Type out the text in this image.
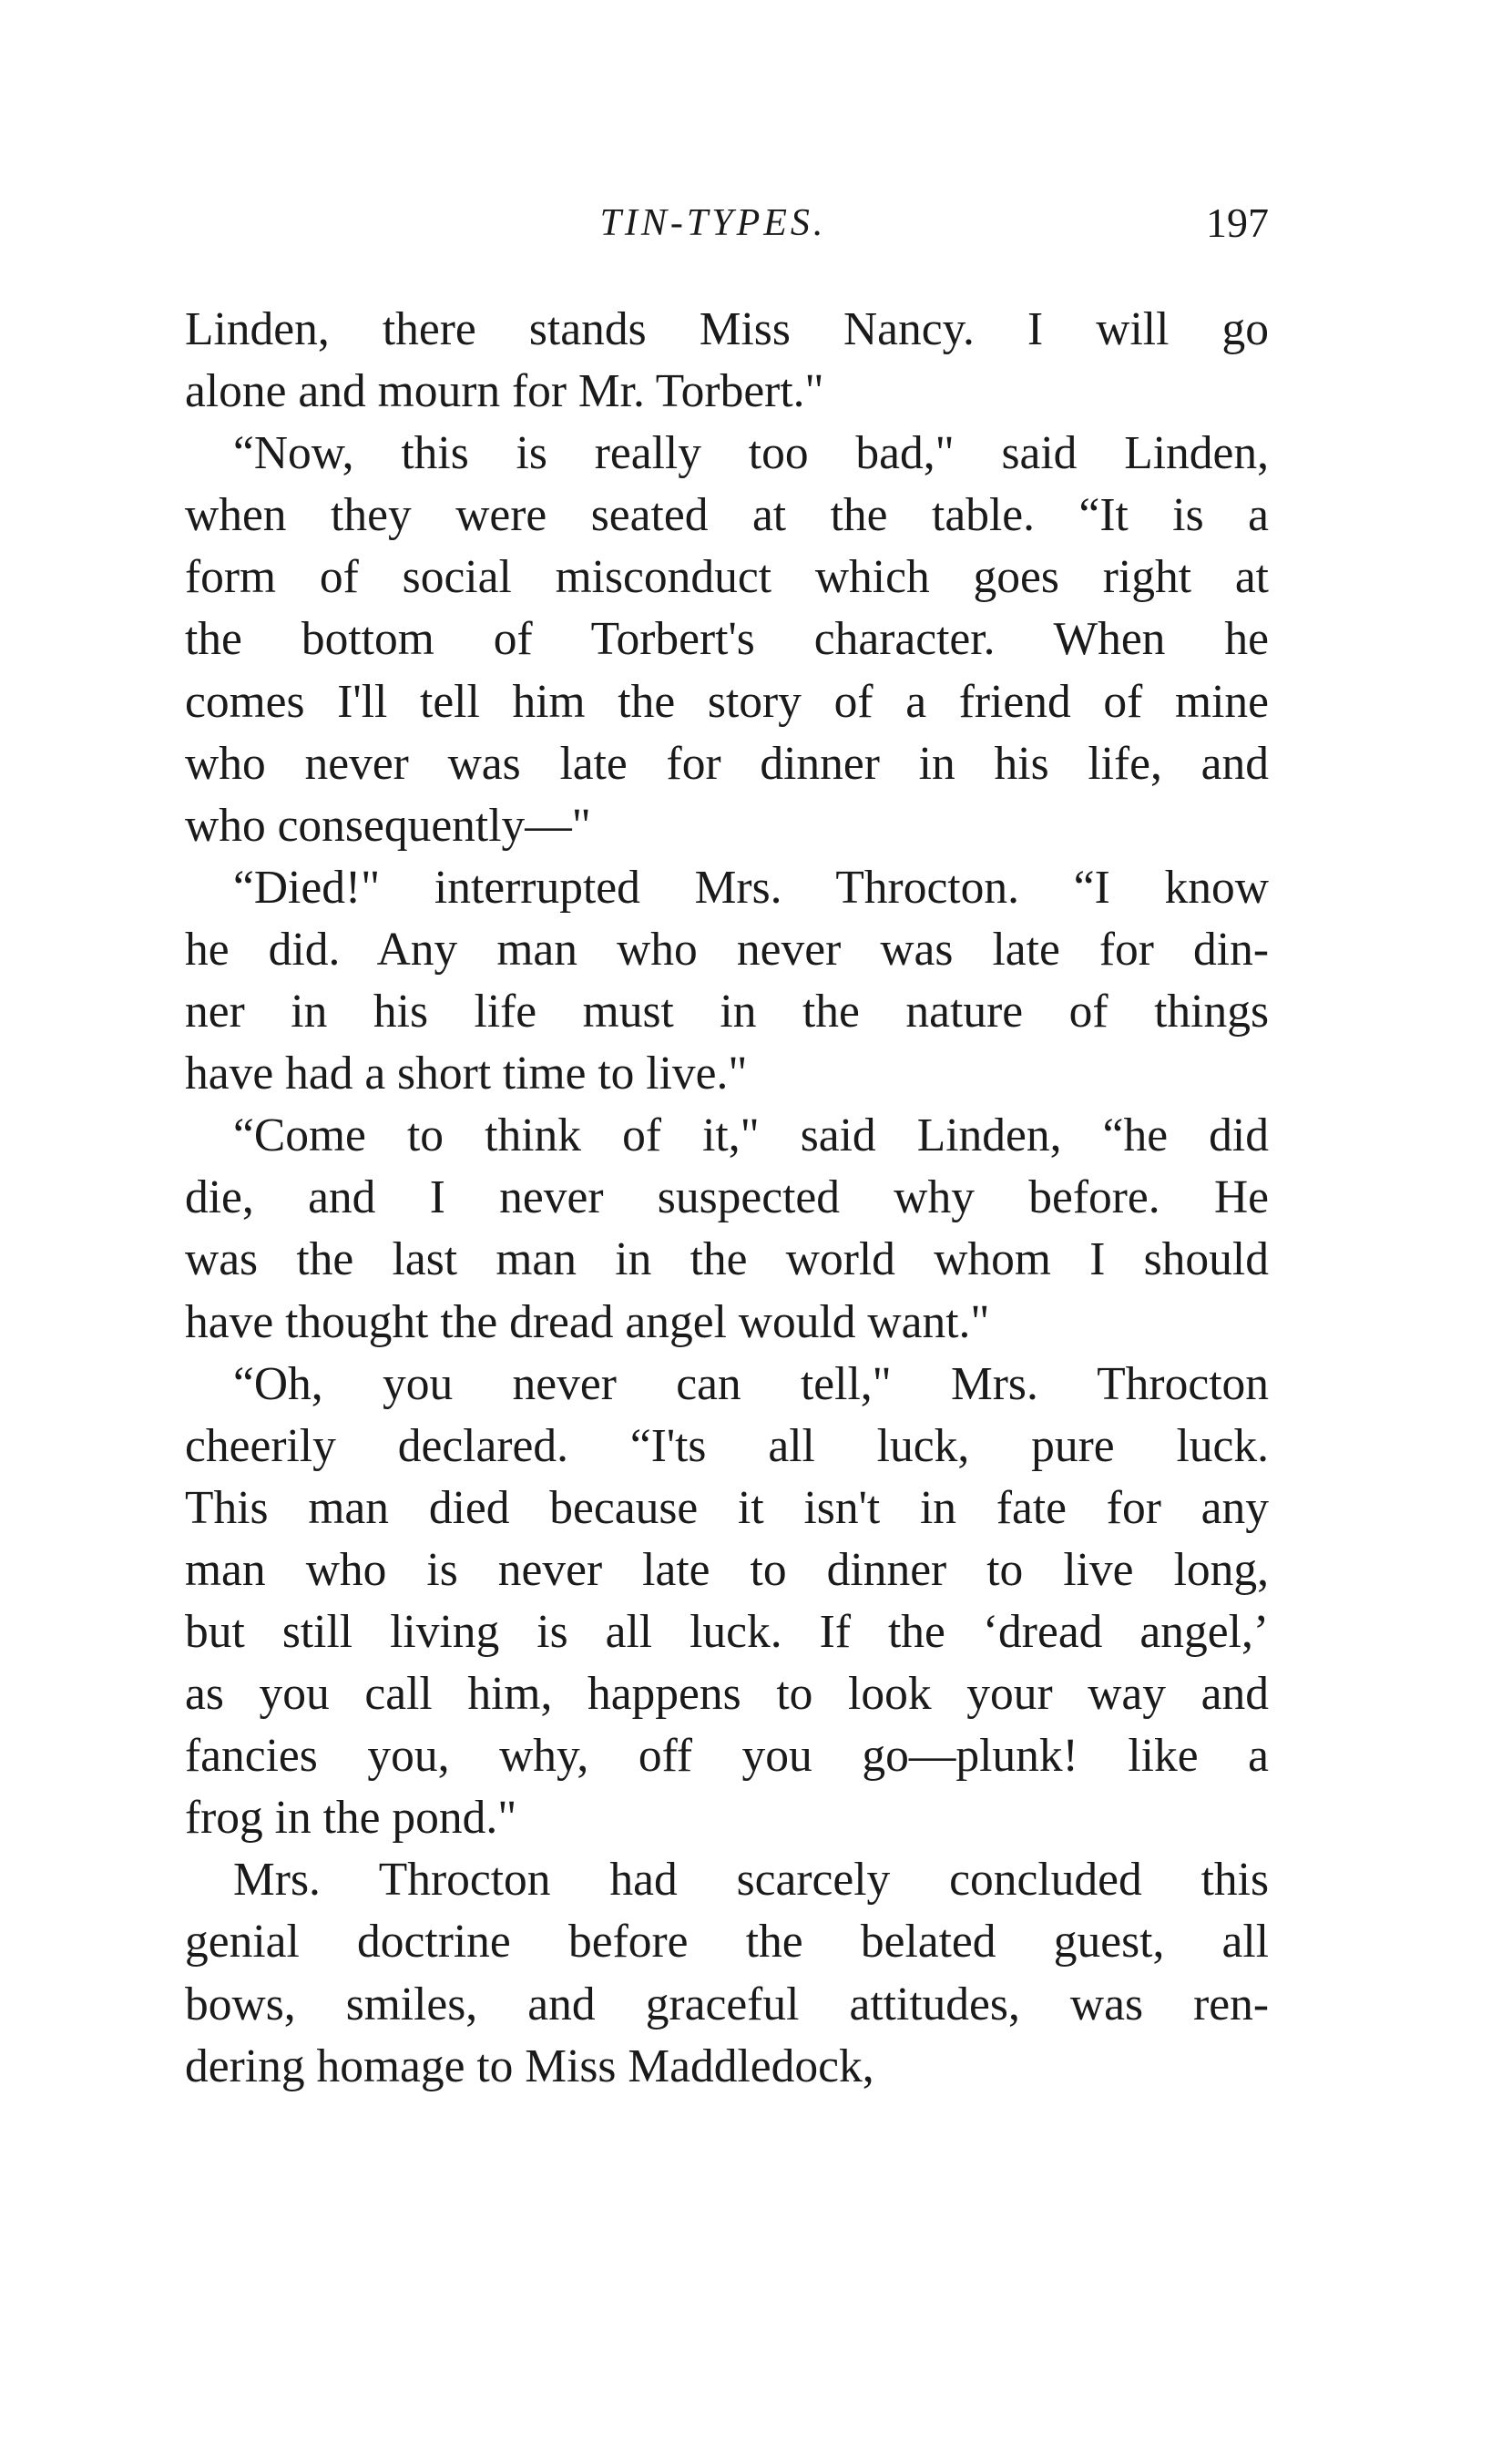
TIN-TYPES.	197
Linden, there stands Miss Nancy. I will go
alone and mourn for Mr. Torbert."
“Now, this is really too bad," said Linden,
when they were seated at the table. “It is a
form of social misconduct which goes right at
the bottom of Torbert's character. When he
comes I'll tell him the story of a friend of mine
who never was late for dinner in his life, and
who consequently—"
“Died!" interrupted Mrs. Throcton. “I know
he did. Any man who never was late for din-
ner in his life must in the nature of things
have had a short time to live."
“Come to think of it," said Linden, “he did
die, and I never suspected why before. He
was the last man in the world whom I should
have thought the dread angel would want."
“Oh, you never can tell," Mrs. Throcton
cheerily declared. “I'ts all luck, pure luck.
This man died because it isn't in fate for any
man who is never late to dinner to live long,
but still living is all luck. If the ‘dread angel,’
as you call him, happens to look your way and
fancies you, why, off you go—plunk! like a
frog in the pond."
Mrs. Throcton had scarcely concluded this
genial doctrine before the belated guest, all
bows, smiles, and graceful attitudes, was ren-
dering homage to Miss Maddledock,
